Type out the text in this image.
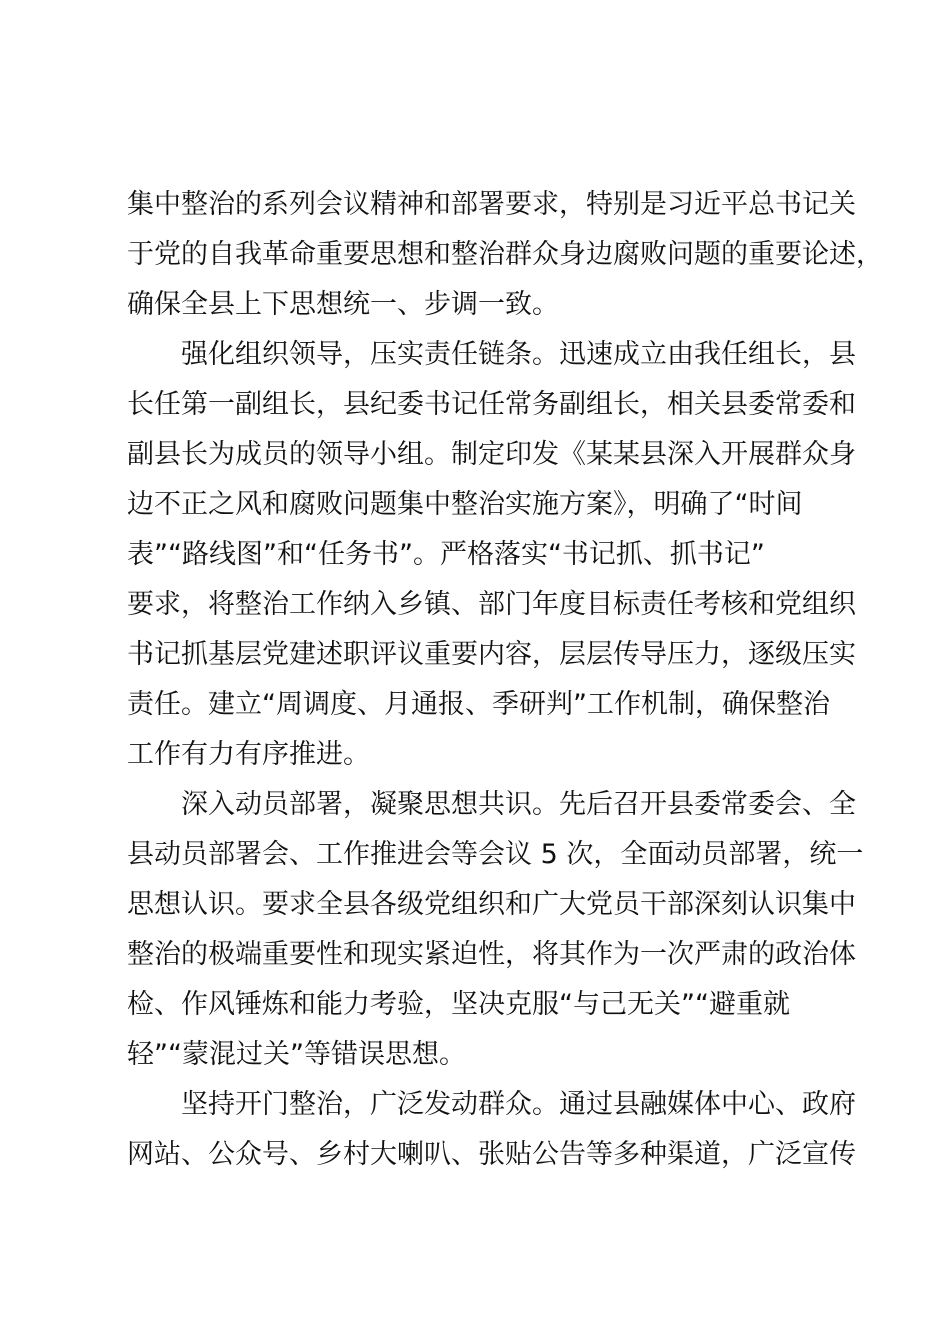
集中整治的系列会议精神和部署要求，特别是习近平总书记关
于党的自我革命重要思想和整治群众身边腐败问题的重要论述，
确保全县上下思想统一、步调一致。
强化组织领导，压实责任链条。迅速成立由我任组长，县
长任第一副组长，县纪委书记任常务副组长，相关县委常委和
副县长为成员的领导小组。制定印发《某某县深入开展群众身
边不正之风和腐败问题集中整治实施方案》，明确了“时间
表”“路线图”和“任务书”。严格落实“书记抓、抓书记”
要求，将整治工作纳入乡镇、部门年度目标责任考核和党组织
书记抓基层党建述职评议重要内容，层层传导压力，逐级压实
责任。建立“周调度、月通报、季研判”工作机制，确保整治
工作有力有序推进。
深入动员部署，凝聚思想共识。先后召开县委常委会、全
县动员部署会、工作推进会等会议 5 次，全面动员部署，统一
思想认识。要求全县各级党组织和广大党员干部深刻认识集中
整治的极端重要性和现实紧迫性，将其作为一次严肃的政治体
检、作风锤炼和能力考验，坚决克服“与己无关”“避重就
轻”“蒙混过关”等错误思想。
坚持开门整治，广泛发动群众。通过县融媒体中心、政府
网站、公众号、乡村大喇叭、张贴公告等多种渠道，广泛宣传
